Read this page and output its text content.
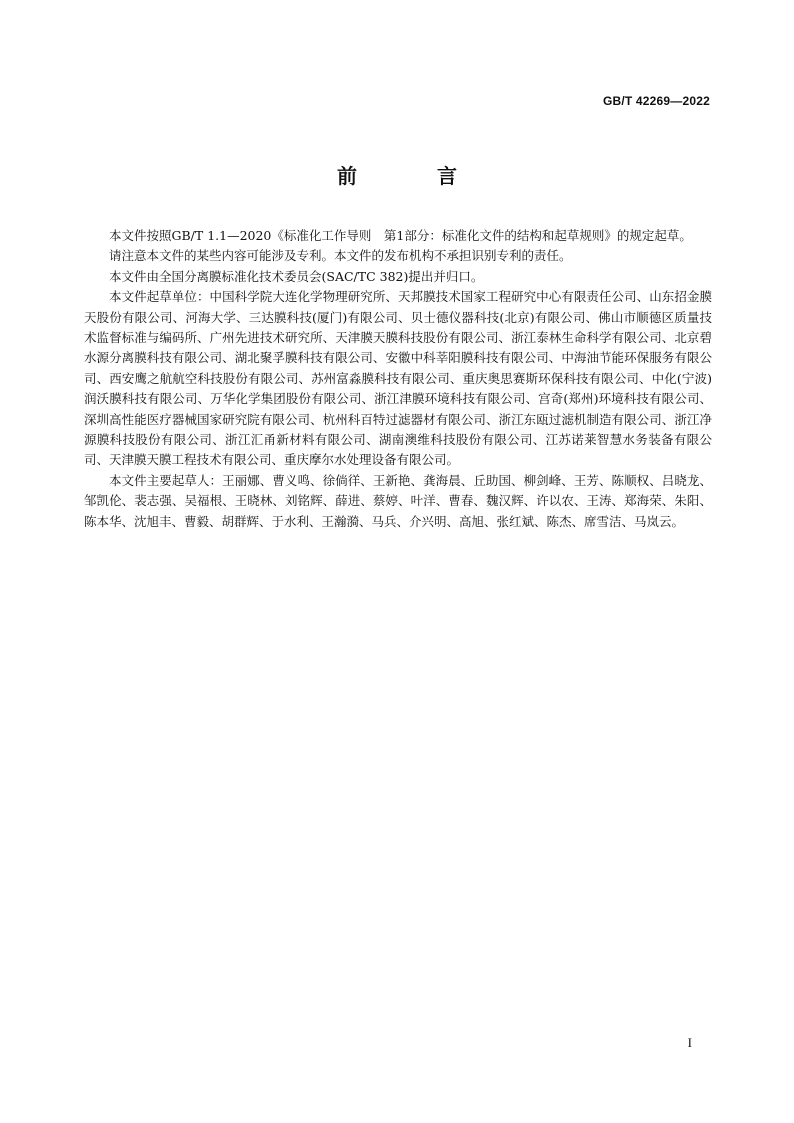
GB/T 42269—2022
前　言

本文件按照GB/T 1.1—2020《标准化工作导则　第1部分：标准化文件的结构和起草规则》的规定起草。

请注意本文件的某些内容可能涉及专利。本文件的发布机构不承担识别专利的责任。

本文件由全国分离膜标准化技术委员会(SAC/TC 382)提出并归口。

本文件起草单位：中国科学院大连化学物理研究所、天邦膜技术国家工程研究中心有限责任公司、山东招金膜天股份有限公司、河海大学、三达膜科技(厦门)有限公司、贝士德仪器科技(北京)有限公司、佛山市顺德区质量技术监督标准与编码所、广州先进技术研究所、天津膜天膜科技股份有限公司、浙江泰林生命科学有限公司、北京碧水源分离膜科技有限公司、湖北聚孚膜科技有限公司、安徽中科莘阳膜科技有限公司、中海油节能环保服务有限公司、西安鹰之航航空科技股份有限公司、苏州富淼膜科技有限公司、重庆奥思赛斯环保科技有限公司、中化(宁波)润沃膜科技有限公司、万华化学集团股份有限公司、浙江津膜环境科技有限公司、宫奇(郑州)环境科技有限公司、深圳高性能医疗器械国家研究院有限公司、杭州科百特过滤器材有限公司、浙江东瓯过滤机制造有限公司、浙江净源膜科技股份有限公司、浙江汇甬新材料有限公司、湖南澳维科技股份有限公司、江苏诺莱智慧水务装备有限公司、天津膜天膜工程技术有限公司、重庆摩尔水处理设备有限公司。

本文件主要起草人：王丽娜、曹义鸣、徐倘徉、王新艳、龚海晨、丘助国、柳剑峰、王芳、陈顺权、吕晓龙、邹凯伦、裴志强、吴福根、王晓林、刘铭辉、薛进、蔡婷、叶洋、曹春、魏汉辉、许以农、王涛、郑海荣、朱阳、陈本华、沈旭丰、曹毅、胡群辉、于水利、王瀚漪、马兵、介兴明、高旭、张红斌、陈杰、席雪洁、马岚云。

I
